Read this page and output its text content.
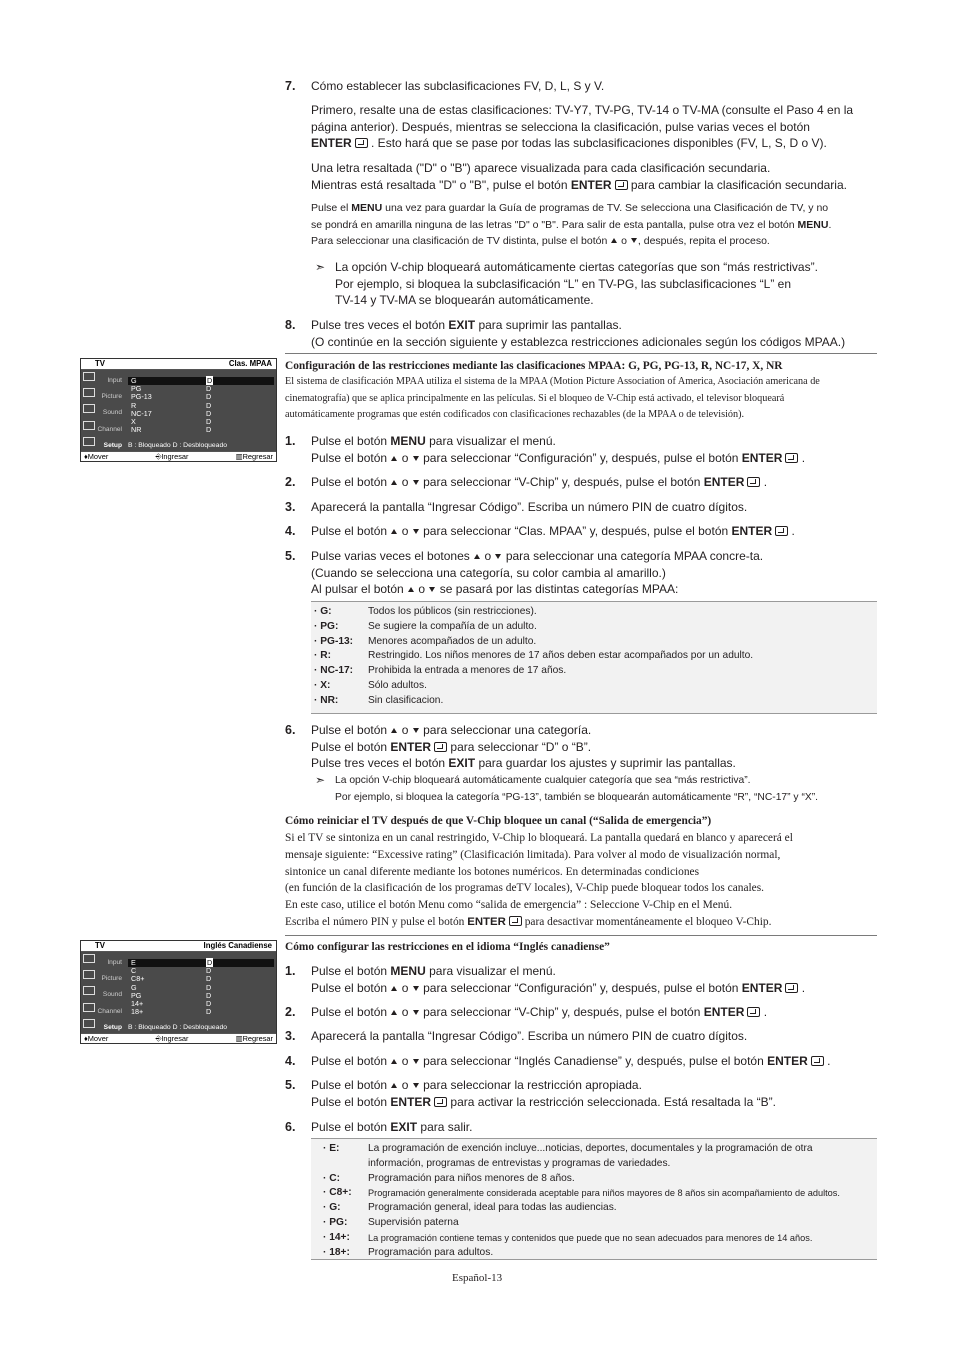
7. Cómo establecer las subclasificaciones FV, D, L, S y V.
Primero, resalte una de estas clasificaciones: TV-Y7, TV-PG, TV-14 o TV-MA (consulte el Paso 4 en la
página anterior). Después, mientras se selecciona la clasificación, pulse varias veces el botón
ENTER . Esto hará que se pase por todas las subclasificaciones disponibles (FV, L, S, D o V).
Una letra resaltada ("D" o "B") aparece visualizada para cada clasificación secundaria.
Mientras está resaltada "D" o "B", pulse el botón ENTER para cambiar la clasificación secundaria.
Pulse el MENU una vez para guardar la Guía de programas de TV. Se selecciona una Clasificación de TV, y no
se pondrá en amarilla ninguna de las letras "D" o "B". Para salir de esta pantalla, pulse otra vez el botón MENU.
Para seleccionar una clasificación de TV distinta, pulse el botón o , después, repita el proceso.
➣ La opción V-chip bloqueará automáticamente ciertas categorías que son “más restrictivas”.
Por ejemplo, si bloquea la subclasificación “L” en TV-PG, las subclasificaciones “L” en
TV-14 y TV-MA se bloquearán automáticamente.
8. Pulse tres veces el botón EXIT para suprimir las pantallas.
(O continúe en la sección siguiente y establezca restricciones adicionales según los códigos MPAA.)
Configuración de las restricciones mediante las clasificaciones MPAA: G, PG, PG-13, R, NC-17, X, NR
El sistema de clasificación MPAA utiliza el sistema de la MPAA (Motion Picture Association of America, Asociación americana de
cinematografía) que se aplica principalmente en las películas. Si el bloqueo de V-Chip está activado, el televisor bloqueará
automáticamente programas que estén codificados con clasificaciones rechazables (de la MPAA o de televisión).
TV	Clas. MPAA
Input
Picture
Sound
Channel
Setup
G	D
PG	D
PG-13	D
R	D
NC-17	D
X	D
NR	D
B : Bloqueado D : Desbloqueado
♦Mover	⎆Ingresar	▥Regresar
1. Pulse el botón MENU para visualizar el menú.
Pulse el botón o para seleccionar “Configuración” y, después, pulse el botón ENTER .
2. Pulse el botón o para seleccionar “V-Chip” y, después, pulse el botón ENTER .
3. Aparecerá la pantalla “Ingresar Código”. Escriba un número PIN de cuatro dígitos.
4. Pulse el botón o para seleccionar “Clas. MPAA” y, después, pulse el botón ENTER .
5. Pulse varias veces el botones o para seleccionar una categoría MPAA concre-ta.
(Cuando se selecciona una categoría, su color cambia al amarillo.)
Al pulsar el botón o se pasará por las distintas categorías MPAA:
· G:	Todos los públicos (sin restricciones).
· PG:	Se sugiere la compañía de un adulto.
· PG-13:	Menores acompañados de un adulto.
· R:	Restringido. Los niños menores de 17 años deben estar acompañados por un adulto.
· NC-17:	Prohibida la entrada a menores de 17 años.
· X:	Sólo adultos.
· NR:	Sin clasificacion.
6. Pulse el botón o para seleccionar una categoría.
Pulse el botón ENTER para seleccionar “D” o “B”.
Pulse tres veces el botón EXIT para guardar los ajustes y suprimir las pantallas.
➣ La opción V-chip bloqueará automáticamente cualquier categoría que sea “más restrictiva”.
Por ejemplo, si bloquea la categoría “PG-13”, también se bloquearán automáticamente “R”, “NC-17” y “X”.
Cómo reiniciar el TV después de que V-Chip bloquee un canal (“Salida de emergencia”)
Si el TV se sintoniza en un canal restringido, V-Chip lo bloqueará. La pantalla quedará en blanco y aparecerá el
mensaje siguiente: “Excessive rating” (Clasificación limitada). Para volver al modo de visualización normal,
sintonice un canal diferente mediante los botones numéricos. En determinadas condiciones
(en función de la clasificación de los programas deTV locales), V-Chip puede bloquear todos los canales.
En este caso, utilice el botón Menu como “salida de emergencia” : Seleccione V-Chip en el Menú.
Escriba el número PIN y pulse el botón ENTER para desactivar momentáneamente el bloqueo V-Chip.
Cómo configurar las restricciones en el idioma “Inglés canadiense”
TV	Inglés Canadiense
Input
Picture
Sound
Channel
Setup
E	D
C	D
C8+	D
G	D
PG	D
14+	D
18+	D
B : Bloqueado D : Desbloqueado
♦Mover	⎆Ingresar	▥Regresar
1. Pulse el botón MENU para visualizar el menú.
Pulse el botón o para seleccionar “Configuración” y, después, pulse el botón ENTER .
2. Pulse el botón o para seleccionar “V-Chip” y, después, pulse el botón ENTER .
3. Aparecerá la pantalla “Ingresar Código”. Escriba un número PIN de cuatro dígitos.
4. Pulse el botón o para seleccionar “Inglés Canadiense” y, después, pulse el botón ENTER .
5. Pulse el botón o para seleccionar la restricción apropiada.
Pulse el botón ENTER para activar la restricción seleccionada. Está resaltada la “B”.
6. Pulse el botón EXIT para salir.
· E:	La programación de exención incluye...noticias, deportes, documentales y la programación de otra
información, programas de entrevistas y programas de variedades.
· C:	Programación para niños menores de 8 años.
· C8+:	Programación generalmente considerada aceptable para niños mayores de 8 años sin acompañamiento de adultos.
· G:	Programación general, ideal para todas las audiencias.
· PG:	Supervisión paterna
· 14+:	La programación contiene temas y contenidos que puede que no sean adecuados para menores de 14 años.
· 18+:	Programación para adultos.
Español-13
